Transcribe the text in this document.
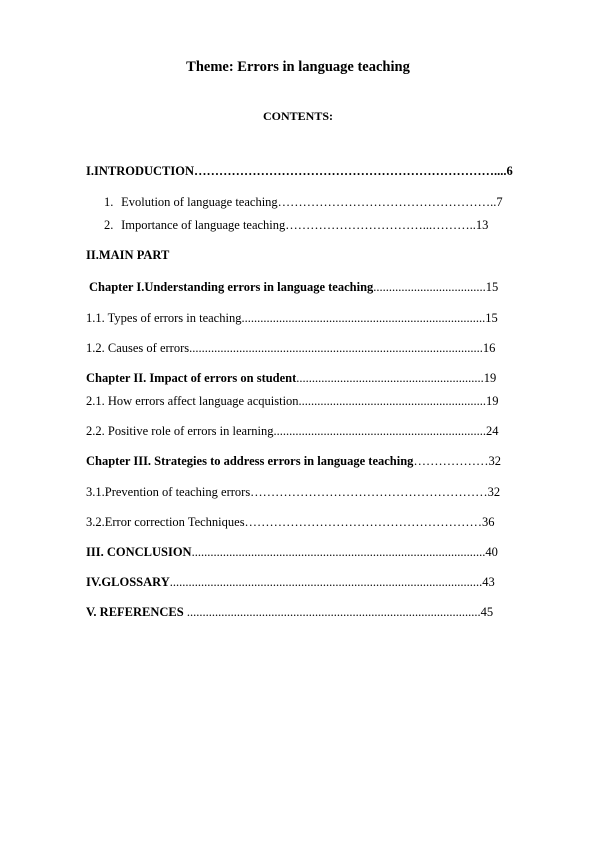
Theme: Errors in language teaching
CONTENTS:
I.INTRODUCTION………………………………………………………………....6
1. Evolution of language teaching……………………………………………..7
2. Importance of language teaching……………………………...………..13
II.MAIN PART
Chapter I.Understanding errors in language teaching....................................15
1.1. Types of errors in teaching..............................................................................15
1.2. Causes of errors..............................................................................................16
Chapter II. Impact of errors on student............................................................19
2.1. How errors affect language acquistion............................................................19
2.2. Positive role of errors in learning....................................................................24
Chapter III. Strategies to address errors in language teaching………………32
3.1.Prevention of teaching errors…………………………………………………32
3.2.Error correction Techniques…………………………………………………36
III. CONCLUSION..............................................................................................40
IV.GLOSSARY....................................................................................................43
V. REFERENCES ..............................................................................................45
